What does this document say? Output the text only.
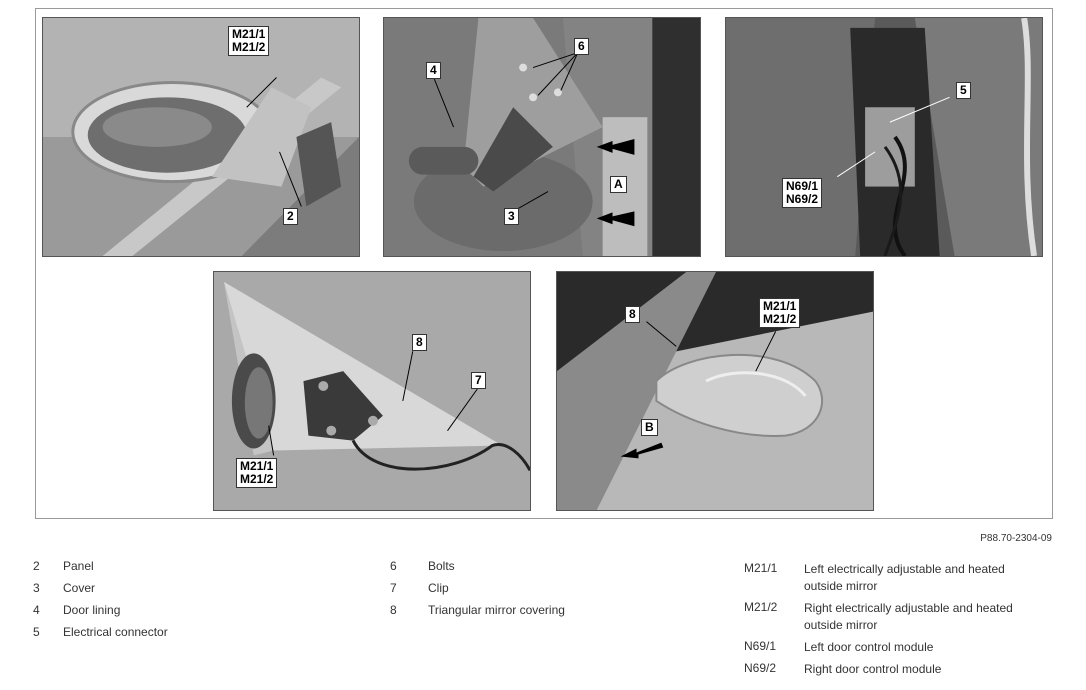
M21/1
M21/2
2
4
6
A
3
5
N69/1
N69/2
8
7
M21/1
M21/2
8
M21/1
M21/2
B
P88.70-2304-09
2	Panel
3	Cover
4	Door lining
5	Electrical connector
6	Bolts
7	Clip
8	Triangular mirror covering
M21/1	Left electrically adjustable and heated outside mirror
M21/2	Right electrically adjustable and heated outside mirror
N69/1	Left door control module
N69/2	Right door control module
